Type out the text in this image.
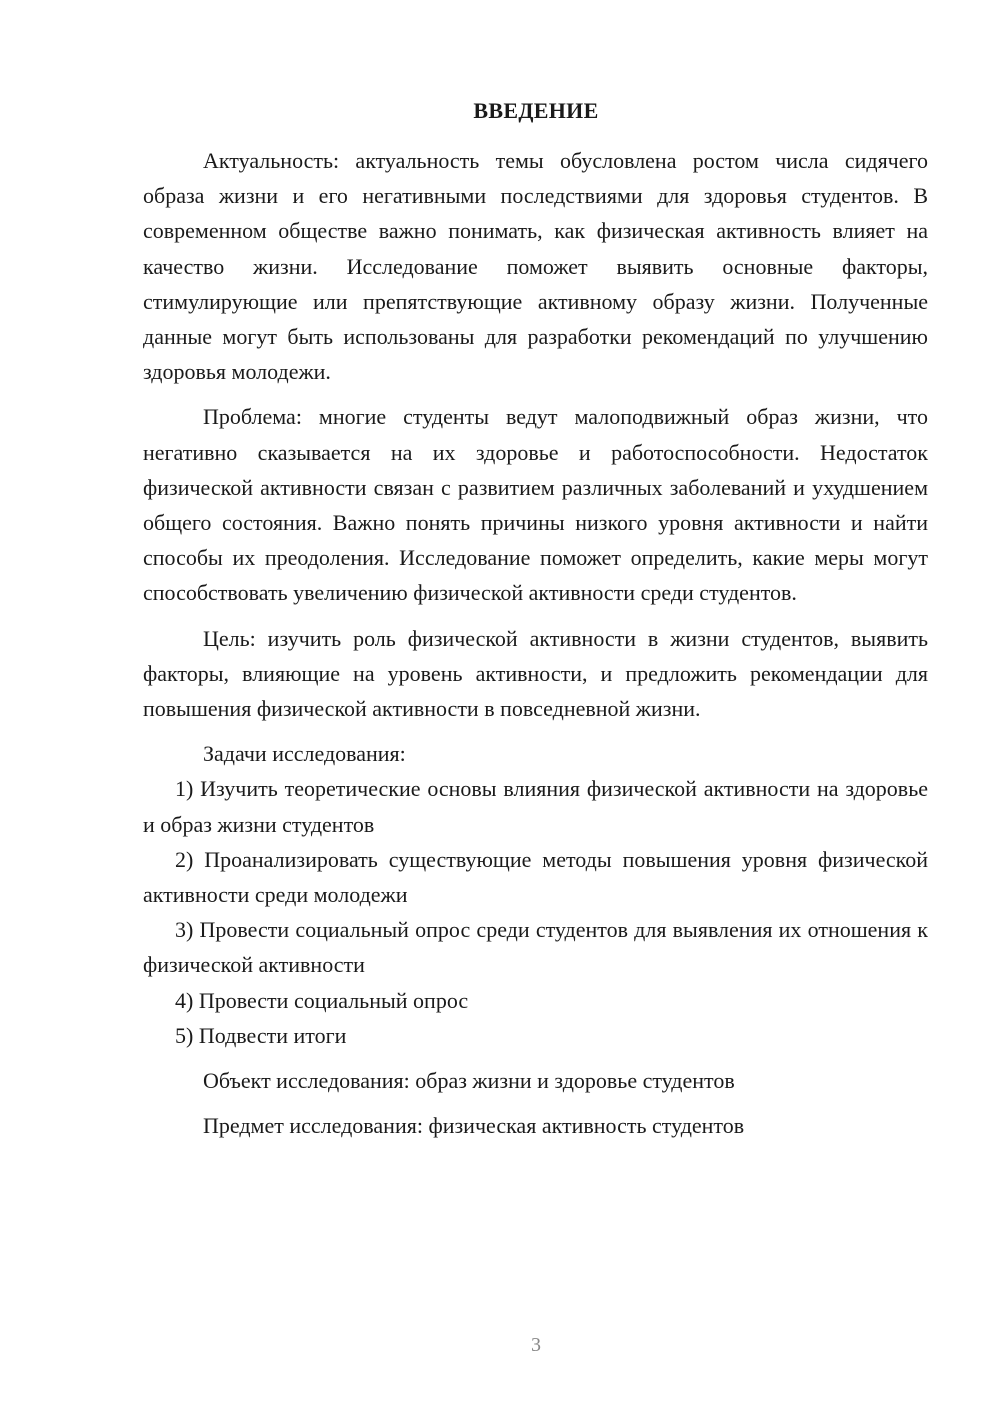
ВВЕДЕНИЕ

Актуальность: актуальность темы обусловлена ростом числа сидячего образа жизни и его негативными последствиями для здоровья студентов. В современном обществе важно понимать, как физическая активность влияет на качество жизни. Исследование поможет выявить основные факторы, стимулирующие или препятствующие активному образу жизни. Полученные данные могут быть использованы для разработки рекомендаций по улучшению здоровья молодежи.

Проблема: многие студенты ведут малоподвижный образ жизни, что негативно сказывается на их здоровье и работоспособности. Недостаток физической активности связан с развитием различных заболеваний и ухудшением общего состояния. Важно понять причины низкого уровня активности и найти способы их преодоления. Исследование поможет определить, какие меры могут способствовать увеличению физической активности среди студентов.

Цель: изучить роль физической активности в жизни студентов, выявить факторы, влияющие на уровень активности, и предложить рекомендации для повышения физической активности в повседневной жизни.

Задачи исследования:

1) Изучить теоретические основы влияния физической активности на здоровье и образ жизни студентов

2) Проанализировать существующие методы повышения уровня физической активности среди молодежи

3) Провести социальный опрос среди студентов для выявления их отношения к физической активности

4) Провести социальный опрос

5) Подвести итоги

Объект исследования: образ жизни и здоровье студентов

Предмет исследования: физическая активность студентов

3
